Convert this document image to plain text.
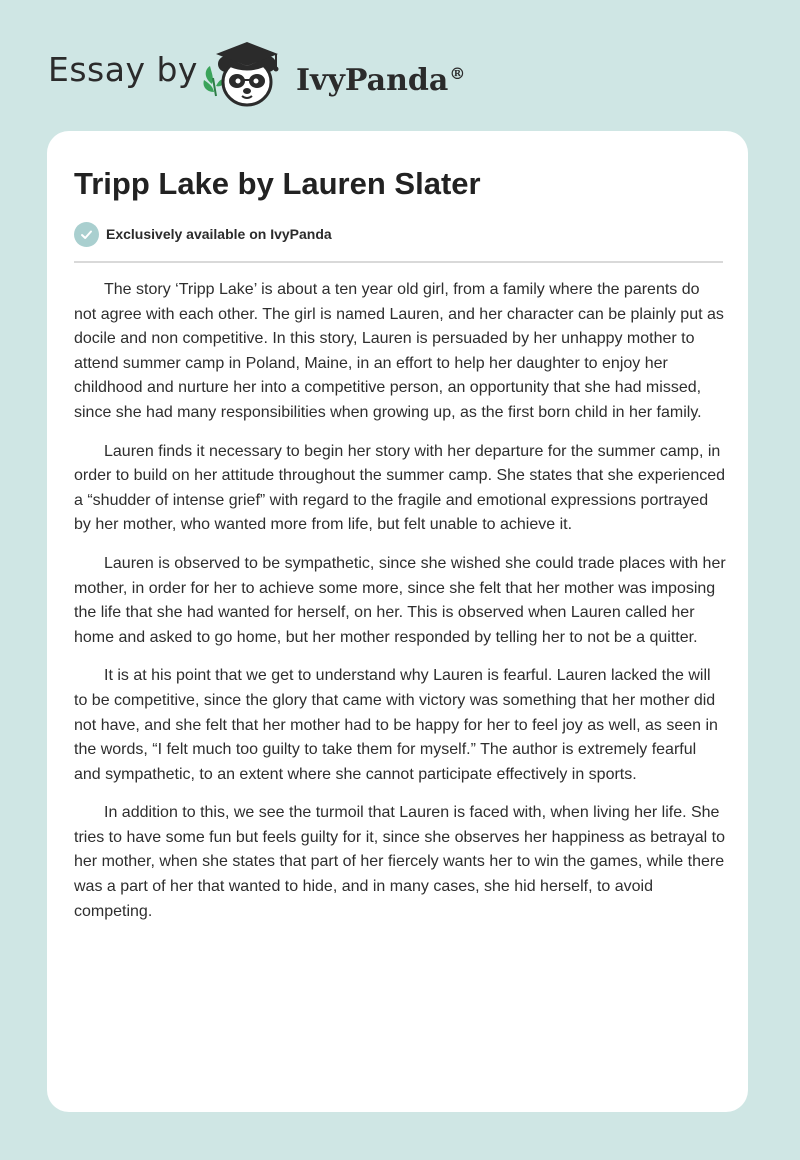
Essay by	IvyPanda®
Tripp Lake by Lauren Slater
Exclusively available on IvyPanda

The story ‘Tripp Lake’ is about a ten year old girl, from a family where the parents do not agree with each other. The girl is named Lauren, and her character can be plainly put as docile and non competitive. In this story, Lauren is persuaded by her unhappy mother to attend summer camp in Poland, Maine, in an effort to help her daughter to enjoy her childhood and nurture her into a competitive person, an opportunity that she had missed, since she had many responsibilities when growing up, as the first born child in her family.

Lauren finds it necessary to begin her story with her departure for the summer camp, in order to build on her attitude throughout the summer camp. She states that she experienced a “shudder of intense grief” with regard to the fragile and emotional expressions portrayed by her mother, who wanted more from life, but felt unable to achieve it.

Lauren is observed to be sympathetic, since she wished she could trade places with her mother, in order for her to achieve some more, since she felt that her mother was imposing the life that she had wanted for herself, on her. This is observed when Lauren called her home and asked to go home, but her mother responded by telling her to not be a quitter.

It is at his point that we get to understand why Lauren is fearful. Lauren lacked the will to be competitive, since the glory that came with victory was something that her mother did not have, and she felt that her mother had to be happy for her to feel joy as well, as seen in the words, “I felt much too guilty to take them for myself.” The author is extremely fearful and sympathetic, to an extent where she cannot participate effectively in sports.

In addition to this, we see the turmoil that Lauren is faced with, when living her life. She tries to have some fun but feels guilty for it, since she observes her happiness as betrayal to her mother, when she states that part of her fiercely wants her to win the games, while there was a part of her that wanted to hide, and in many cases, she hid herself, to avoid competing.
